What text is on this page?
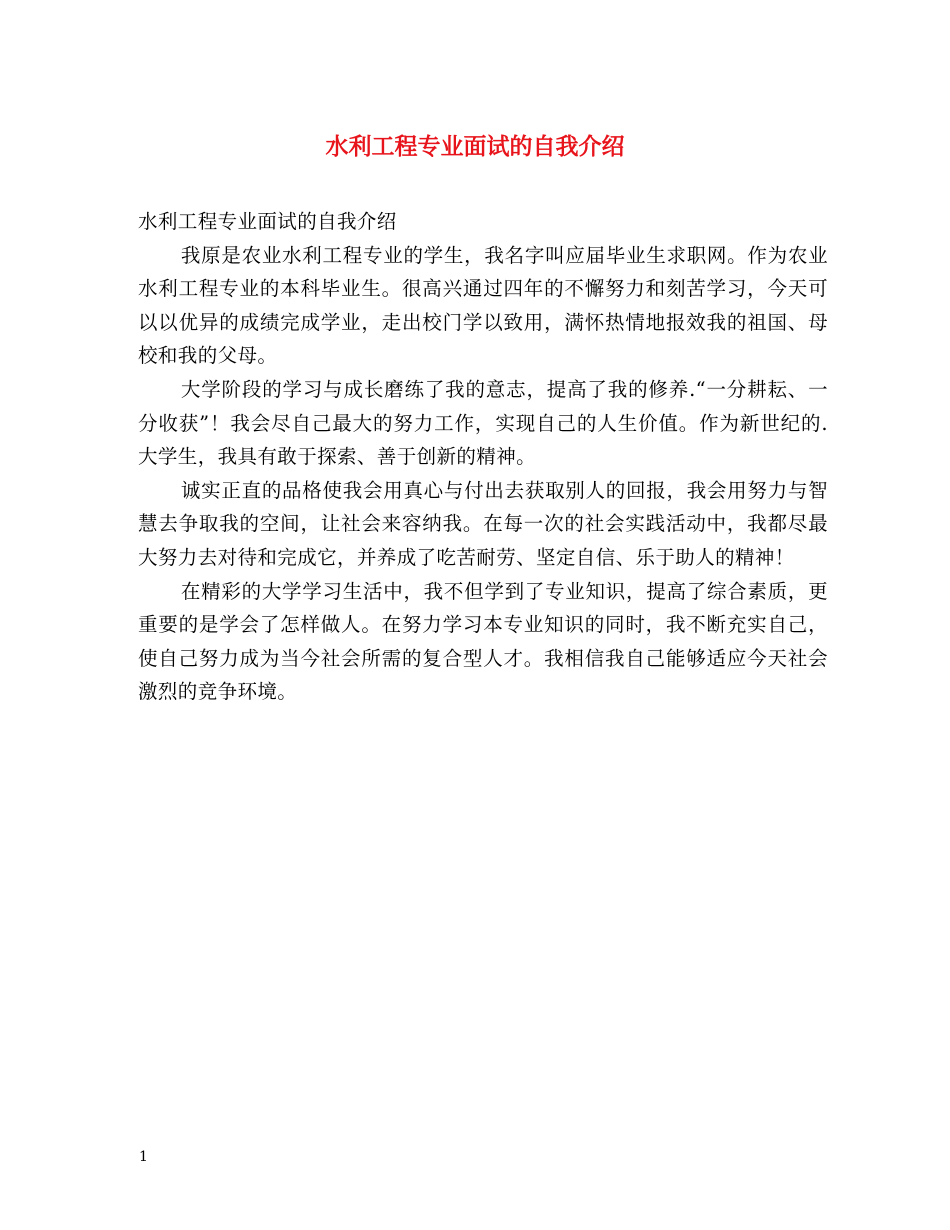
水利工程专业面试的自我介绍

水利工程专业面试的自我介绍

我原是农业水利工程专业的学生，我名字叫应届毕业生求职网。作为农业水利工程专业的本科毕业生。很高兴通过四年的不懈努力和刻苦学习，今天可以以优异的成绩完成学业，走出校门学以致用，满怀热情地报效我的祖国、母校和我的父母。

大学阶段的学习与成长磨练了我的意志，提高了我的修养.“一分耕耘、一分收获”！我会尽自己最大的努力工作，实现自己的人生价值。作为新世纪的.大学生，我具有敢于探索、善于创新的精神。

诚实正直的品格使我会用真心与付出去获取别人的回报，我会用努力与智慧去争取我的空间，让社会来容纳我。在每一次的社会实践活动中，我都尽最大努力去对待和完成它，并养成了吃苦耐劳、坚定自信、乐于助人的精神！

在精彩的大学学习生活中，我不但学到了专业知识，提高了综合素质，更重要的是学会了怎样做人。在努力学习本专业知识的同时，我不断充实自己，使自己努力成为当今社会所需的复合型人才。我相信我自己能够适应今天社会激烈的竞争环境。

1
